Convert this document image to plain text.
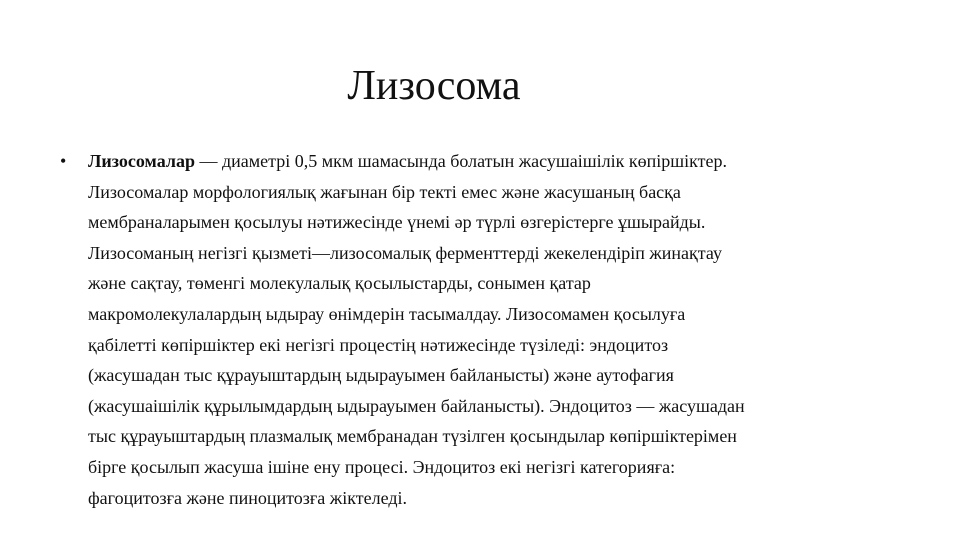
Лизосома
•	Лизосомалар — диаметрі 0,5 мкм шамасында болатын жасушаішілік көпіршіктер.
Лизосомалар морфологиялық жағынан бір текті емес және жасушаның басқа
мембраналарымен қосылуы нәтижесінде үнемі әр түрлі өзгерістерге ұшырайды.
Лизосоманың негізгі қызметі—лизосомалық ферменттерді жекелендіріп жинақтау
және сақтау, төменгі молекулалық қосылыстарды, сонымен қатар
макромолекулалардың ыдырау өнімдерін тасымалдау. Лизосомамен қосылуға
қабілетті көпіршіктер екі негізгі процестің нәтижесінде түзіледі: эндоцитоз
(жасушадан тыс құрауыштардың ыдырауымен байланысты) және аутофагия
(жасушаішілік құрылымдардың ыдырауымен байланысты). Эндоцитоз — жасушадан
тыс құрауыштардың плазмалық мембранадан түзілген қосындылар көпіршіктерімен
бірге қосылып жасуша ішіне ену процесі. Эндоцитоз екі негізгі категорияға:
фагоцитозға және пиноцитозға жіктеледі.
